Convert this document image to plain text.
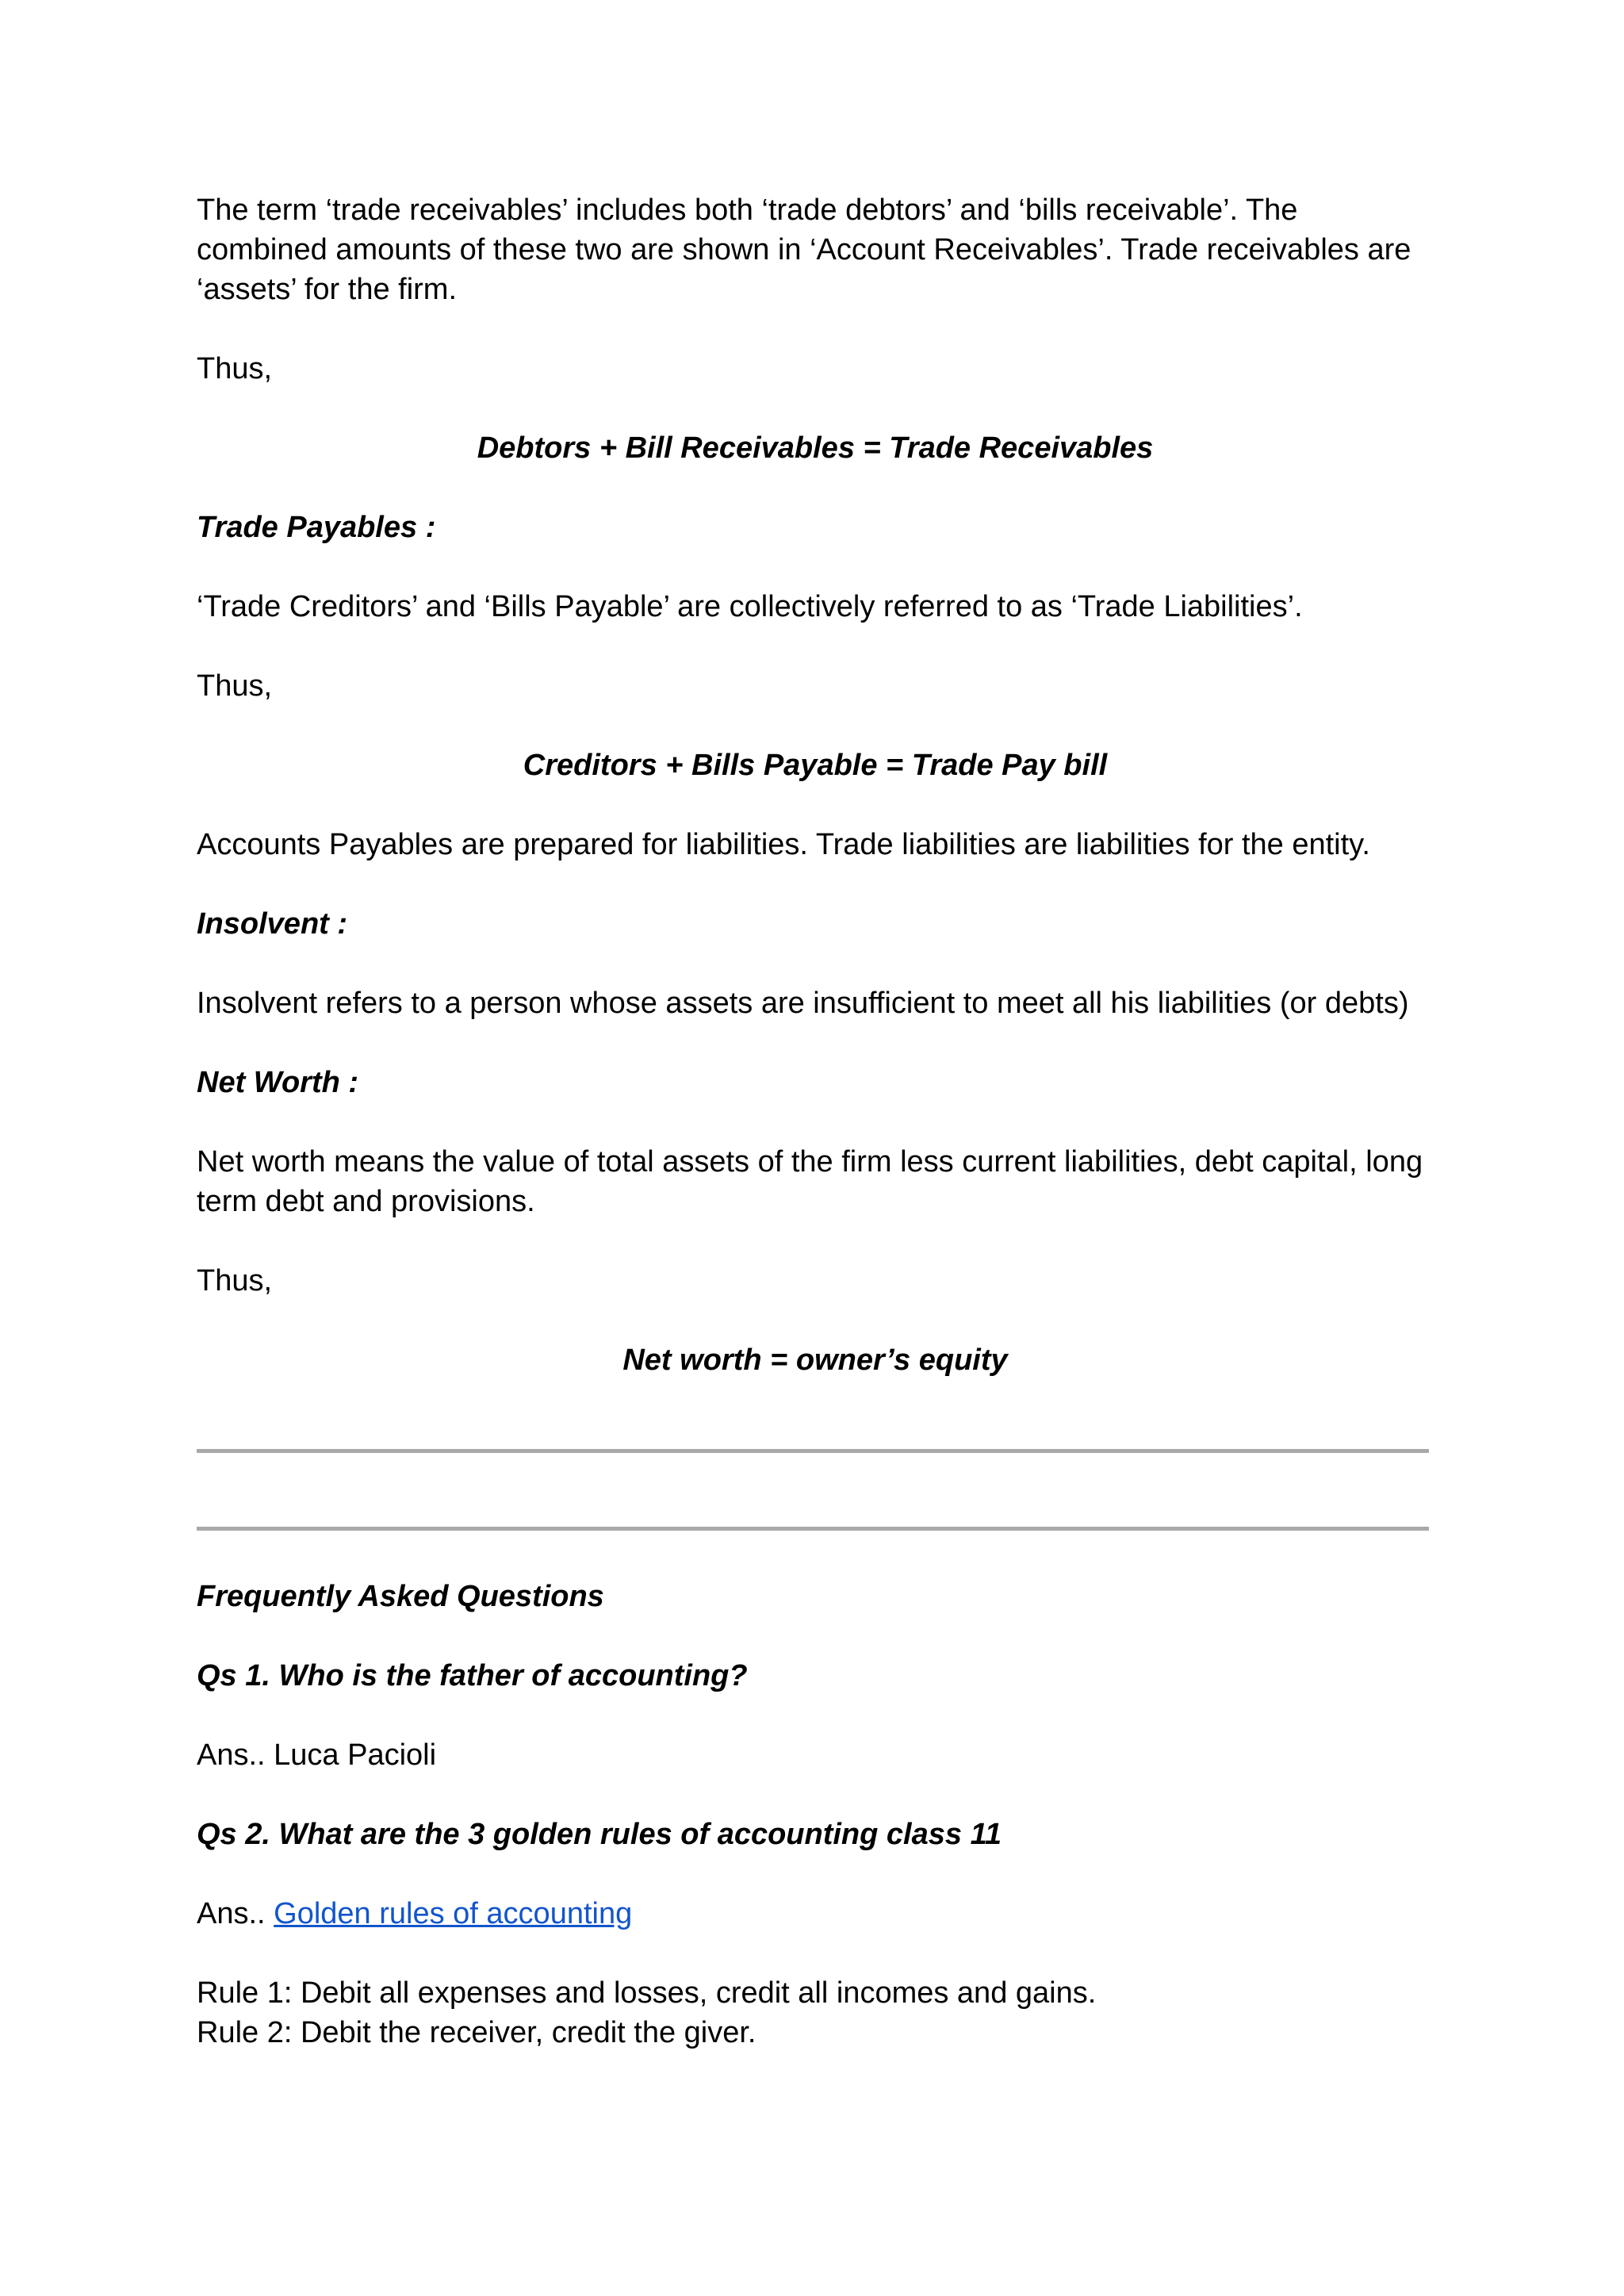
The term ‘trade receivables’ includes both ‘trade debtors’ and ‘bills receivable’. The combined amounts of these two are shown in ‘Account Receivables’. Trade receivables are ‘assets’ for the firm.

Thus,

Debtors + Bill Receivables = Trade Receivables

Trade Payables :

‘Trade Creditors’ and ‘Bills Payable’ are collectively referred to as ‘Trade Liabilities’.

Thus,

Creditors + Bills Payable = Trade Pay bill

Accounts Payables are prepared for liabilities. Trade liabilities are liabilities for the entity.

Insolvent :

Insolvent refers to a person whose assets are insufficient to meet all his liabilities (or debts)

Net Worth :

Net worth means the value of total assets of the firm less current liabilities, debt capital, long term debt and provisions.

Thus,

Net worth = owner’s equity

Frequently Asked Questions

Qs 1. Who is the father of accounting?

Ans.. Luca Pacioli

Qs 2. What are the 3 golden rules of accounting class 11

Ans.. Golden rules of accounting

Rule 1: Debit all expenses and losses, credit all incomes and gains.

Rule 2: Debit the receiver, credit the giver.
